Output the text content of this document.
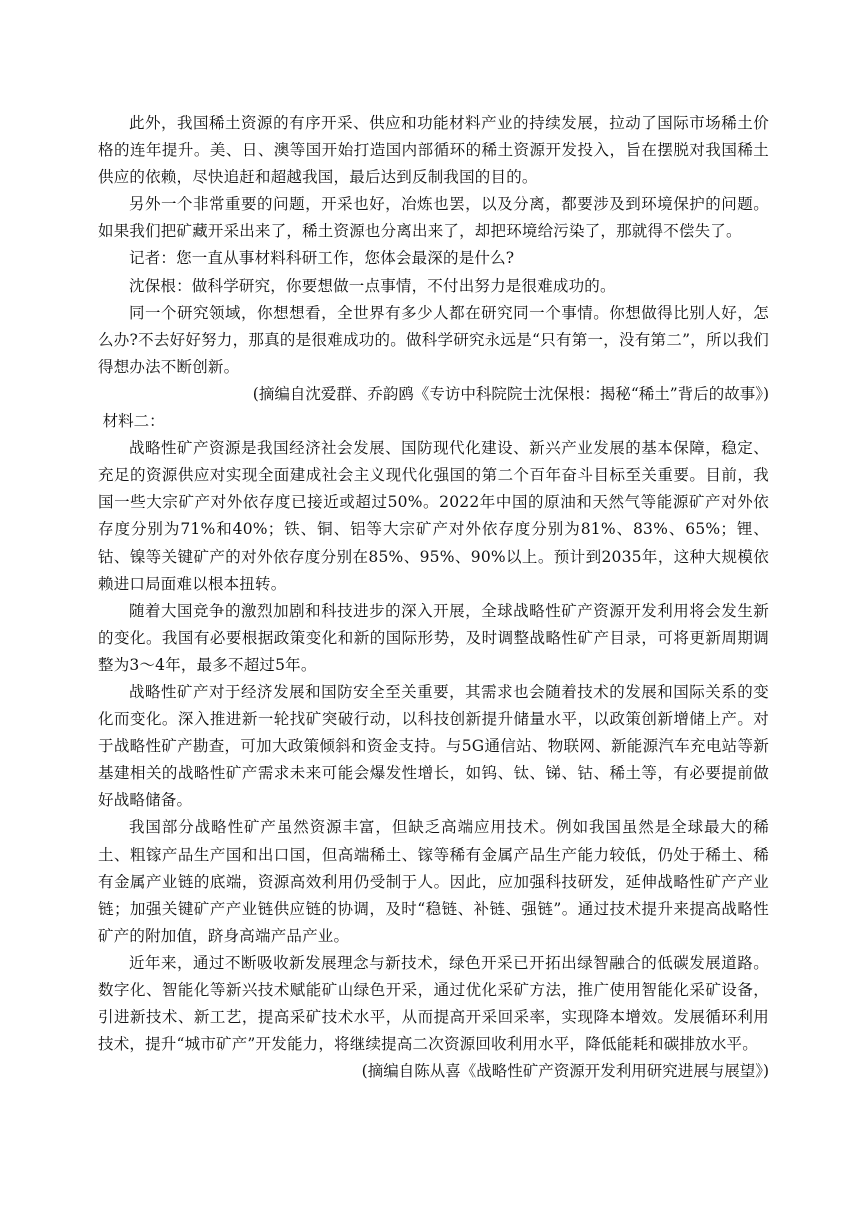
此外，我国稀土资源的有序开采、供应和功能材料产业的持续发展，拉动了国际市场稀土价格的连年提升。美、日、澳等国开始打造国内部循环的稀土资源开发投入，旨在摆脱对我国稀土供应的依赖，尽快追赶和超越我国，最后达到反制我国的目的。

另外一个非常重要的问题，开采也好，冶炼也罢，以及分离，都要涉及到环境保护的问题。如果我们把矿藏开采出来了，稀土资源也分离出来了，却把环境给污染了，那就得不偿失了。

记者：您一直从事材料科研工作，您体会最深的是什么?

沈保根：做科学研究，你要想做一点事情，不付出努力是很难成功的。

同一个研究领域，你想想看，全世界有多少人都在研究同一个事情。你想做得比别人好，怎么办?不去好好努力，那真的是很难成功的。做科学研究永远是“只有第一，没有第二”，所以我们得想办法不断创新。

(摘编自沈爱群、乔韵鸥《专访中科院院士沈保根：揭秘“稀土”背后的故事》)

材料二：

战略性矿产资源是我国经济社会发展、国防现代化建设、新兴产业发展的基本保障，稳定、充足的资源供应对实现全面建成社会主义现代化强国的第二个百年奋斗目标至关重要。目前，我国一些大宗矿产对外依存度已接近或超过50%。2022年中国的原油和天然气等能源矿产对外依存度分别为71%和40%；铁、铜、铝等大宗矿产对外依存度分别为81%、83%、65%；锂、钴、镍等关键矿产的对外依存度分别在85%、95%、90%以上。预计到2035年，这种大规模依赖进口局面难以根本扭转。

随着大国竞争的激烈加剧和科技进步的深入开展，全球战略性矿产资源开发利用将会发生新的变化。我国有必要根据政策变化和新的国际形势，及时调整战略性矿产目录，可将更新周期调整为3～4年，最多不超过5年。

战略性矿产对于经济发展和国防安全至关重要，其需求也会随着技术的发展和国际关系的变化而变化。深入推进新一轮找矿突破行动，以科技创新提升储量水平，以政策创新增储上产。对于战略性矿产勘查，可加大政策倾斜和资金支持。与5G通信站、物联网、新能源汽车充电站等新基建相关的战略性矿产需求未来可能会爆发性增长，如钨、钛、锑、钴、稀土等，有必要提前做好战略储备。

我国部分战略性矿产虽然资源丰富，但缺乏高端应用技术。例如我国虽然是全球最大的稀土、粗镓产品生产国和出口国，但高端稀土、镓等稀有金属产品生产能力较低，仍处于稀土、稀有金属产业链的底端，资源高效利用仍受制于人。因此，应加强科技研发，延伸战略性矿产产业链；加强关键矿产产业链供应链的协调，及时“稳链、补链、强链”。通过技术提升来提高战略性矿产的附加值，跻身高端产品产业。

近年来，通过不断吸收新发展理念与新技术，绿色开采已开拓出绿智融合的低碳发展道路。数字化、智能化等新兴技术赋能矿山绿色开采，通过优化采矿方法，推广使用智能化采矿设备，引进新技术、新工艺，提高采矿技术水平，从而提高开采回采率，实现降本增效。发展循环利用技术，提升“城市矿产”开发能力，将继续提高二次资源回收利用水平，降低能耗和碳排放水平。

(摘编自陈从喜《战略性矿产资源开发利用研究进展与展望》)
